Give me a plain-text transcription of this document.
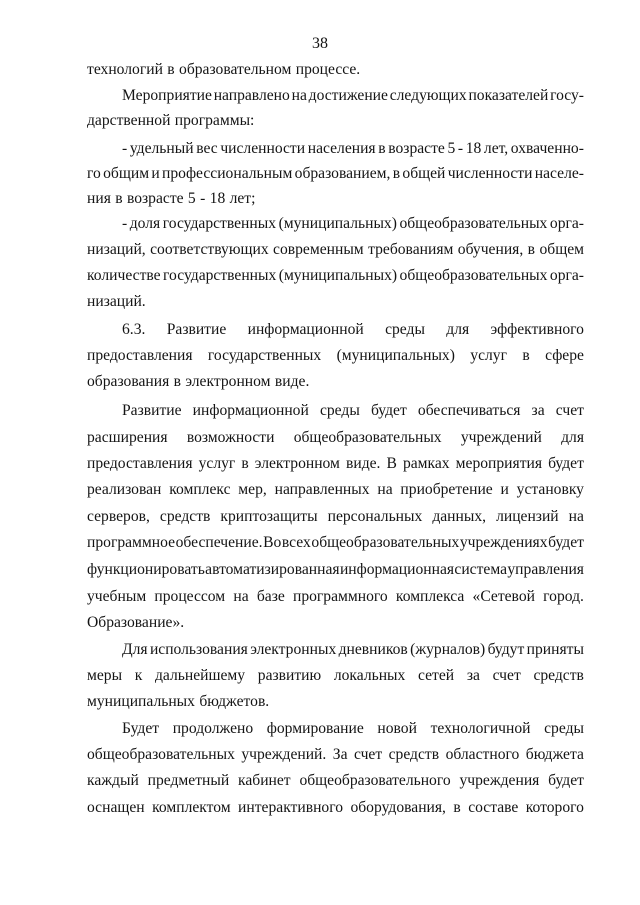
38
технологий в образовательном процессе.
Мероприятие направлено на достижение следующих показателей госу-
дарственной программы:
- удельный вес численности населения в возрасте 5 - 18 лет, охваченно-
го общим и профессиональным образованием, в общей численности населе-
ния в возрасте 5 - 18 лет;
- доля государственных (муниципальных) общеобразовательных орга-
низаций, соответствующих современным требованиям обучения, в общем
количестве государственных (муниципальных) общеобразовательных орга-
низаций.
6.3. Развитие информационной среды для эффективного
предоставления государственных (муниципальных) услуг в сфере
образования в электронном виде.
Развитие информационной среды будет обеспечиваться за счет
расширения возможности общеобразовательных учреждений для
предоставления услуг в электронном виде. В рамках мероприятия будет
реализован комплекс мер, направленных на приобретение и установку
серверов, средств криптозащиты персональных данных, лицензий на
программное обеспечение. Во всех общеобразовательных учреждениях будет
функционировать автоматизированная информационная система управления
учебным процессом на базе программного комплекса «Сетевой город.
Образование».
Для использования электронных дневников (журналов) будут приняты
меры к дальнейшему развитию локальных сетей за счет средств
муниципальных бюджетов.
Будет продолжено формирование новой технологичной среды
общеобразовательных учреждений. За счет средств областного бюджета
каждый предметный кабинет общеобразовательного учреждения будет
оснащен комплектом интерактивного оборудования, в составе которого
